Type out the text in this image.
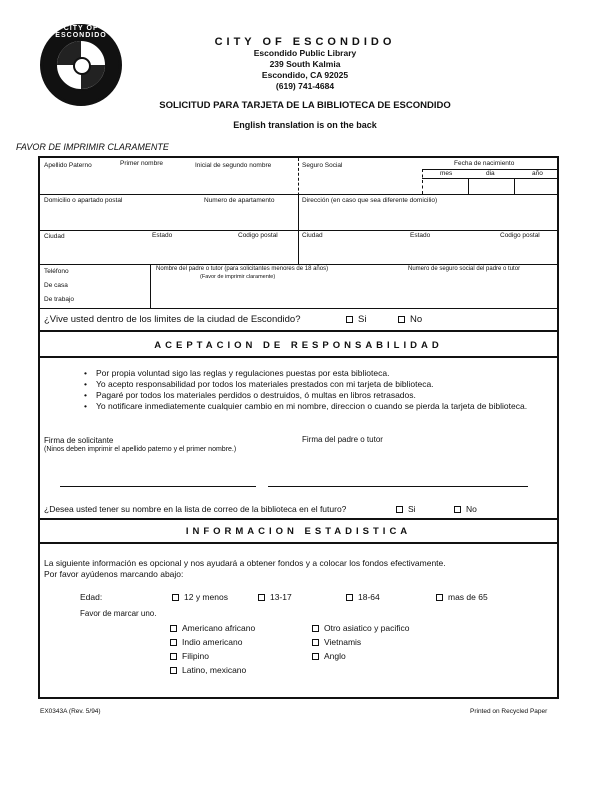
CITY OF ESCONDIDO
CITY OF ESCONDIDO
Escondido Public Library
239 South Kalmia
Escondido, CA 92025
(619) 741-4684
SOLICITUD PARA TARJETA DE LA BIBLIOTECA DE ESCONDIDO
English translation is on the back
FAVOR DE IMPRIMIR CLARAMENTE
Apellido Paterno	Primer nombre	Inicial de segundo nombre	Seguro Social	Fecha de nacimiento
mes	dia	año
Domicilio o apartado postal	Numero de apartamento	Dirección (en caso que sea diferente domicilio)
Ciudad	Estado	Codigo postal	Ciudad	Estado	Codigo postal
Teléfono
De casa
De trabajo
Nombre del padre o tutor (para solicitantes menores de 18 años)
(Favor de imprimir claramente)
Numero de seguro social del padre o tutor
¿Vive usted dentro de los limites de la ciudad de Escondido?	Si	No
ACEPTACION DE RESPONSABILIDAD
• Por propia voluntad sigo las reglas y regulaciones puestas por esta biblioteca.
• Yo acepto responsabilidad por todos los materiales prestados con mi tarjeta de biblioteca.
• Pagaré por todos los materiales perdidos o destruidos, ó multas en libros retrasados.
• Yo notificare inmediatemente cualquier cambio en mi nombre, direccion o cuando se pierda la tarjeta de biblioteca.
Firma de solicitante
(Ninos deben imprimir el apellido paterno y el primer nombre.)
Firma del padre o tutor
¿Desea usted tener su nombre en la lista de correo de la biblioteca en el futuro?	Si	No
INFORMACION ESTADISTICA
La siguiente información es opcional y nos ayudará a obtener fondos y a colocar los fondos efectivamente.
Por favor ayúdenos marcando abajo:
Edad:	12 y menos	13-17	18-64	mas de 65
Favor de marcar uno.
Americano africano
Indio americano
Filipino
Latino, mexicano
Otro asiatico y pacifico
Vietnamis
Anglo
EX0343A (Rev. 5/94)	Printed on Recycled Paper
